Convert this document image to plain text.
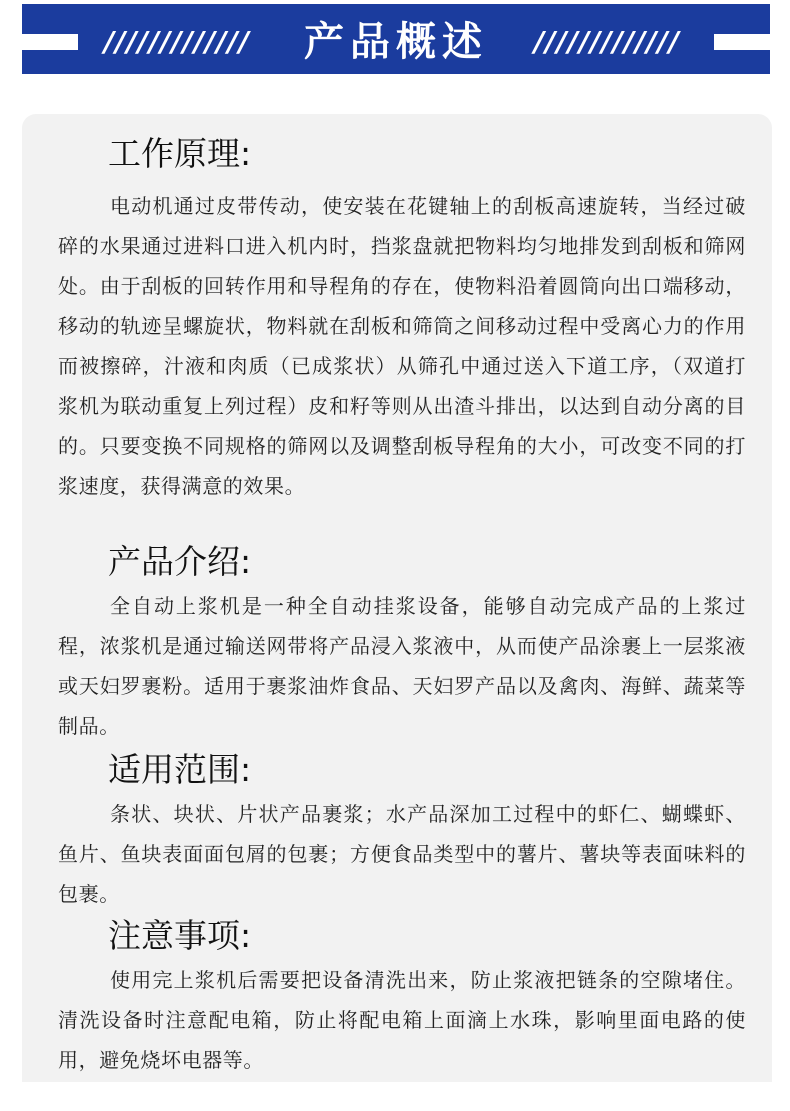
/////////////	产品概述	/////////////
工作原理:
电动机通过皮带传动，使安装在花键轴上的刮板高速旋转，当经过破碎的水果通过进料口进入机内时，挡浆盘就把物料均匀地排发到刮板和筛网处。由于刮板的回转作用和导程角的存在，使物料沿着圆筒向出口端移动，移动的轨迹呈螺旋状，物料就在刮板和筛筒之间移动过程中受离心力的作用而被擦碎，汁液和肉质（已成浆状）从筛孔中通过送入下道工序，（双道打浆机为联动重复上列过程）皮和籽等则从出渣斗排出，以达到自动分离的目的。只要变换不同规格的筛网以及调整刮板导程角的大小，可改变不同的打浆速度，获得满意的效果。
产品介绍:
全自动上浆机是一种全自动挂浆设备，能够自动完成产品的上浆过程，浓浆机是通过输送网带将产品浸入浆液中，从而使产品涂裹上一层浆液或天妇罗裹粉。适用于裹浆油炸食品、天妇罗产品以及禽肉、海鲜、蔬菜等制品。
适用范围:
条状、块状、片状产品裹浆；水产品深加工过程中的虾仁、蝴蝶虾、鱼片、鱼块表面面包屑的包裹；方便食品类型中的薯片、薯块等表面味料的包裹。
注意事项:
使用完上浆机后需要把设备清洗出来，防止浆液把链条的空隙堵住。清洗设备时注意配电箱，防止将配电箱上面滴上水珠，影响里面电路的使用，避免烧坏电器等。
